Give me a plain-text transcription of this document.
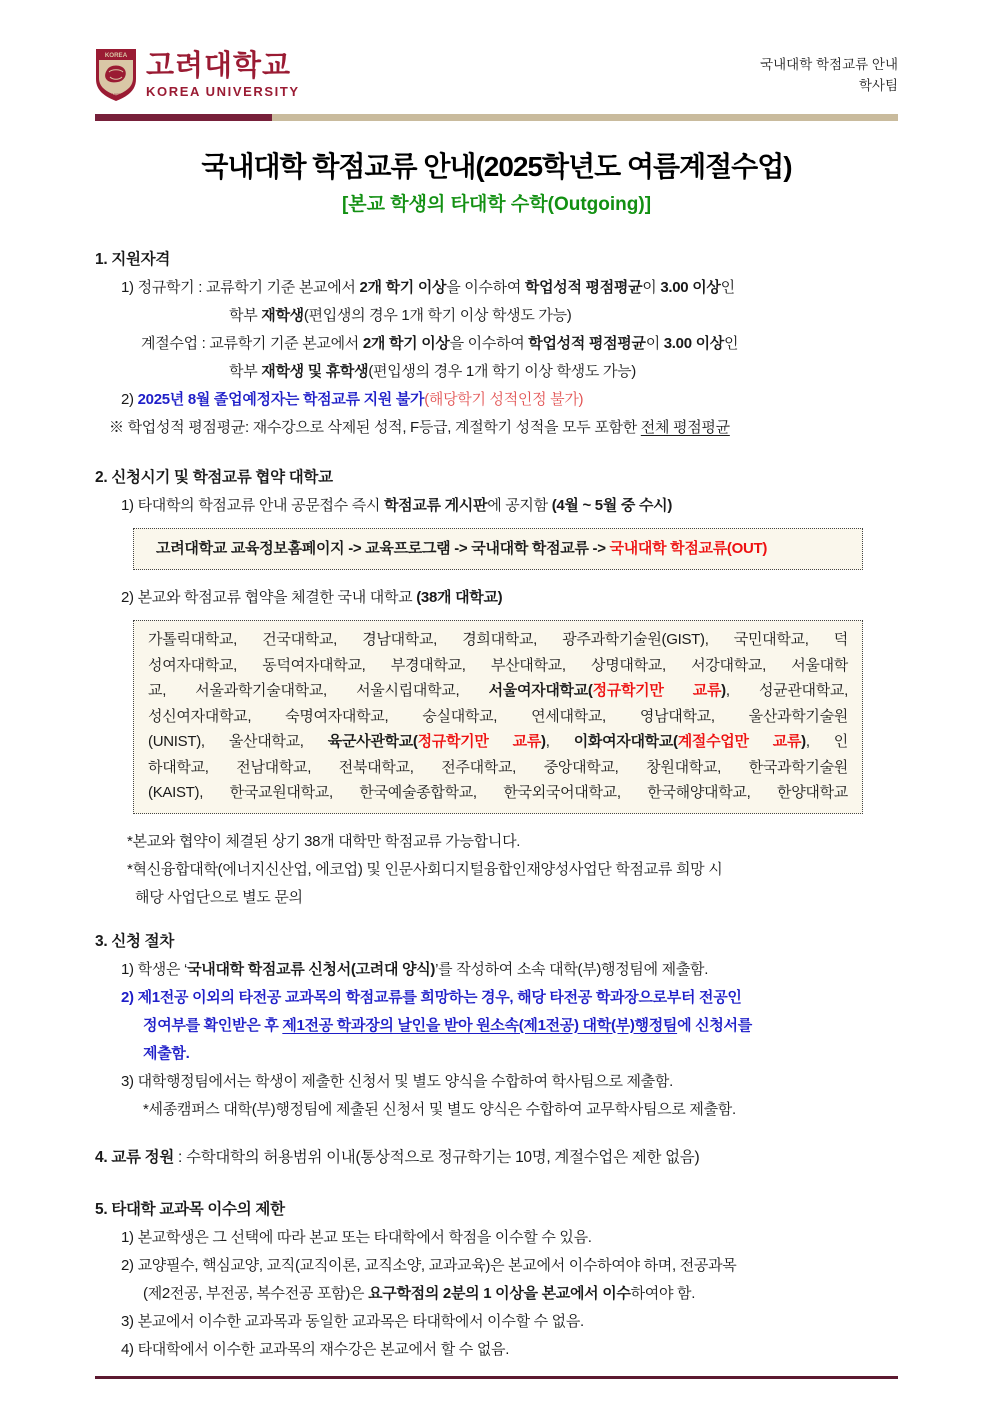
KOREA
1905
고려대학교
KOREA UNIVERSITY
국내대학 학점교류 안내
학사팀
국내대학 학점교류 안내(2025학년도 여름계절수업)
[본교 학생의 타대학 수학(Outgoing)]
1. 지원자격
1) 정규학기 : 교류학기 기준 본교에서 2개 학기 이상을 이수하여 학업성적 평점평균이 3.00 이상인
학부 재학생(편입생의 경우 1개 학기 이상 학생도 가능)
계절수업 : 교류학기 기준 본교에서 2개 학기 이상을 이수하여 학업성적 평점평균이 3.00 이상인
학부 재학생 및 휴학생(편입생의 경우 1개 학기 이상 학생도 가능)
2) 2025년 8월 졸업예정자는 학점교류 지원 불가(해당학기 성적인정 불가)
※ 학업성적 평점평균: 재수강으로 삭제된 성적, F등급, 계절학기 성적을 모두 포함한 전체 평점평균
2. 신청시기 및 학점교류 협약 대학교
1) 타대학의 학점교류 안내 공문접수 즉시 학점교류 게시판에 공지함 (4월 ~ 5월 중 수시)
고려대학교 교육정보홈페이지 -> 교육프로그램 -> 국내대학 학점교류 -> 국내대학 학점교류(OUT)
2) 본교와 학점교류 협약을 체결한 국내 대학교 (38개 대학교)
가톨릭대학교, 건국대학교, 경남대학교, 경희대학교, 광주과학기술원(GIST), 국민대학교, 덕
성여자대학교, 동덕여자대학교, 부경대학교, 부산대학교, 상명대학교, 서강대학교, 서울대학
교, 서울과학기술대학교, 서울시립대학교, 서울여자대학교(정규학기만 교류), 성균관대학교,
성신여자대학교, 숙명여자대학교, 숭실대학교, 연세대학교, 영남대학교, 울산과학기술원
(UNIST), 울산대학교, 육군사관학교(정규학기만 교류), 이화여자대학교(계절수업만 교류), 인
하대학교, 전남대학교, 전북대학교, 전주대학교, 중앙대학교, 창원대학교, 한국과학기술원
(KAIST), 한국교원대학교, 한국예술종합학교, 한국외국어대학교, 한국해양대학교, 한양대학교
*본교와 협약이 체결된 상기 38개 대학만 학점교류 가능합니다.
*혁신융합대학(에너지신산업, 에코업) 및 인문사회디지털융합인재양성사업단 학점교류 희망 시
해당 사업단으로 별도 문의
3. 신청 절차
1) 학생은 ‘국내대학 학점교류 신청서(고려대 양식)’를 작성하여 소속 대학(부)행정팀에 제출함.
2) 제1전공 이외의 타전공 교과목의 학점교류를 희망하는 경우, 해당 타전공 학과장으로부터 전공인
정여부를 확인받은 후 제1전공 학과장의 날인을 받아 원소속(제1전공) 대학(부)행정팀에 신청서를
제출함.
3) 대학행정팀에서는 학생이 제출한 신청서 및 별도 양식을 수합하여 학사팀으로 제출함.
*세종캠퍼스 대학(부)행정팀에 제출된 신청서 및 별도 양식은 수합하여 교무학사팀으로 제출함.
4. 교류 정원 : 수학대학의 허용범위 이내(통상적으로 정규학기는 10명, 계절수업은 제한 없음)
5. 타대학 교과목 이수의 제한
1) 본교학생은 그 선택에 따라 본교 또는 타대학에서 학점을 이수할 수 있음.
2) 교양필수, 핵심교양, 교직(교직이론, 교직소양, 교과교육)은 본교에서 이수하여야 하며, 전공과목
(제2전공, 부전공, 복수전공 포함)은 요구학점의 2분의 1 이상을 본교에서 이수하여야 함.
3) 본교에서 이수한 교과목과 동일한 교과목은 타대학에서 이수할 수 없음.
4) 타대학에서 이수한 교과목의 재수강은 본교에서 할 수 없음.
